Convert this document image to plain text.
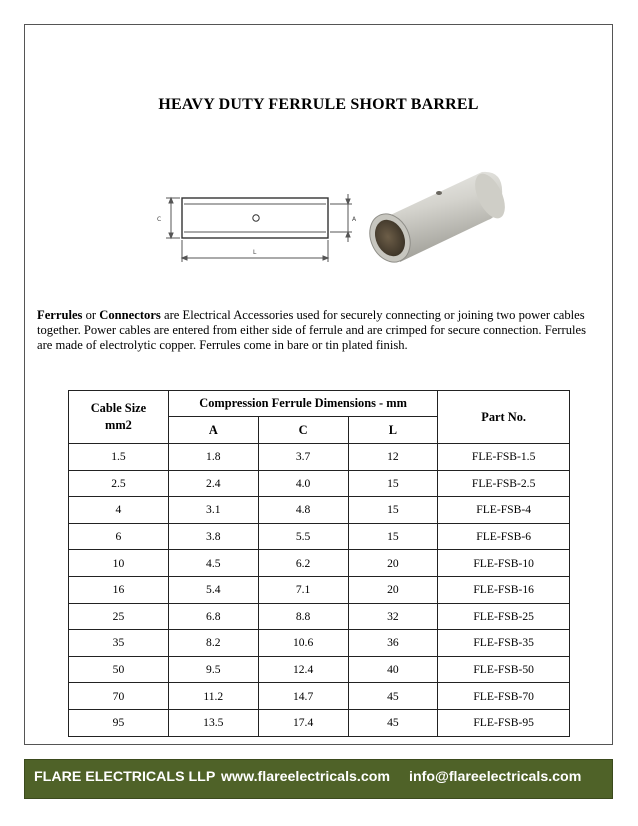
HEAVY DUTY FERRULE SHORT BARREL
C	A
L
Ferrules or Connectors are Electrical Accessories used for securely connecting or joining two power cables together. Power cables are entered from either side of ferrule and are crimped for secure connection. Ferrules are made of electrolytic copper. Ferrules come in bare or tin plated finish.
Cable Size mm2	Compression Ferrule Dimensions - mm			Part No.
	A	C	L	
1.5	1.8	3.7	12	FLE-FSB-1.5
2.5	2.4	4.0	15	FLE-FSB-2.5
4	3.1	4.8	15	FLE-FSB-4
6	3.8	5.5	15	FLE-FSB-6
10	4.5	6.2	20	FLE-FSB-10
16	5.4	7.1	20	FLE-FSB-16
25	6.8	8.8	32	FLE-FSB-25
35	8.2	10.6	36	FLE-FSB-35
50	9.5	12.4	40	FLE-FSB-50
70	11.2	14.7	45	FLE-FSB-70
95	13.5	17.4	45	FLE-FSB-95
FLARE ELECTRICALS LLP www.flareelectricals.com info@flareelectricals.com
